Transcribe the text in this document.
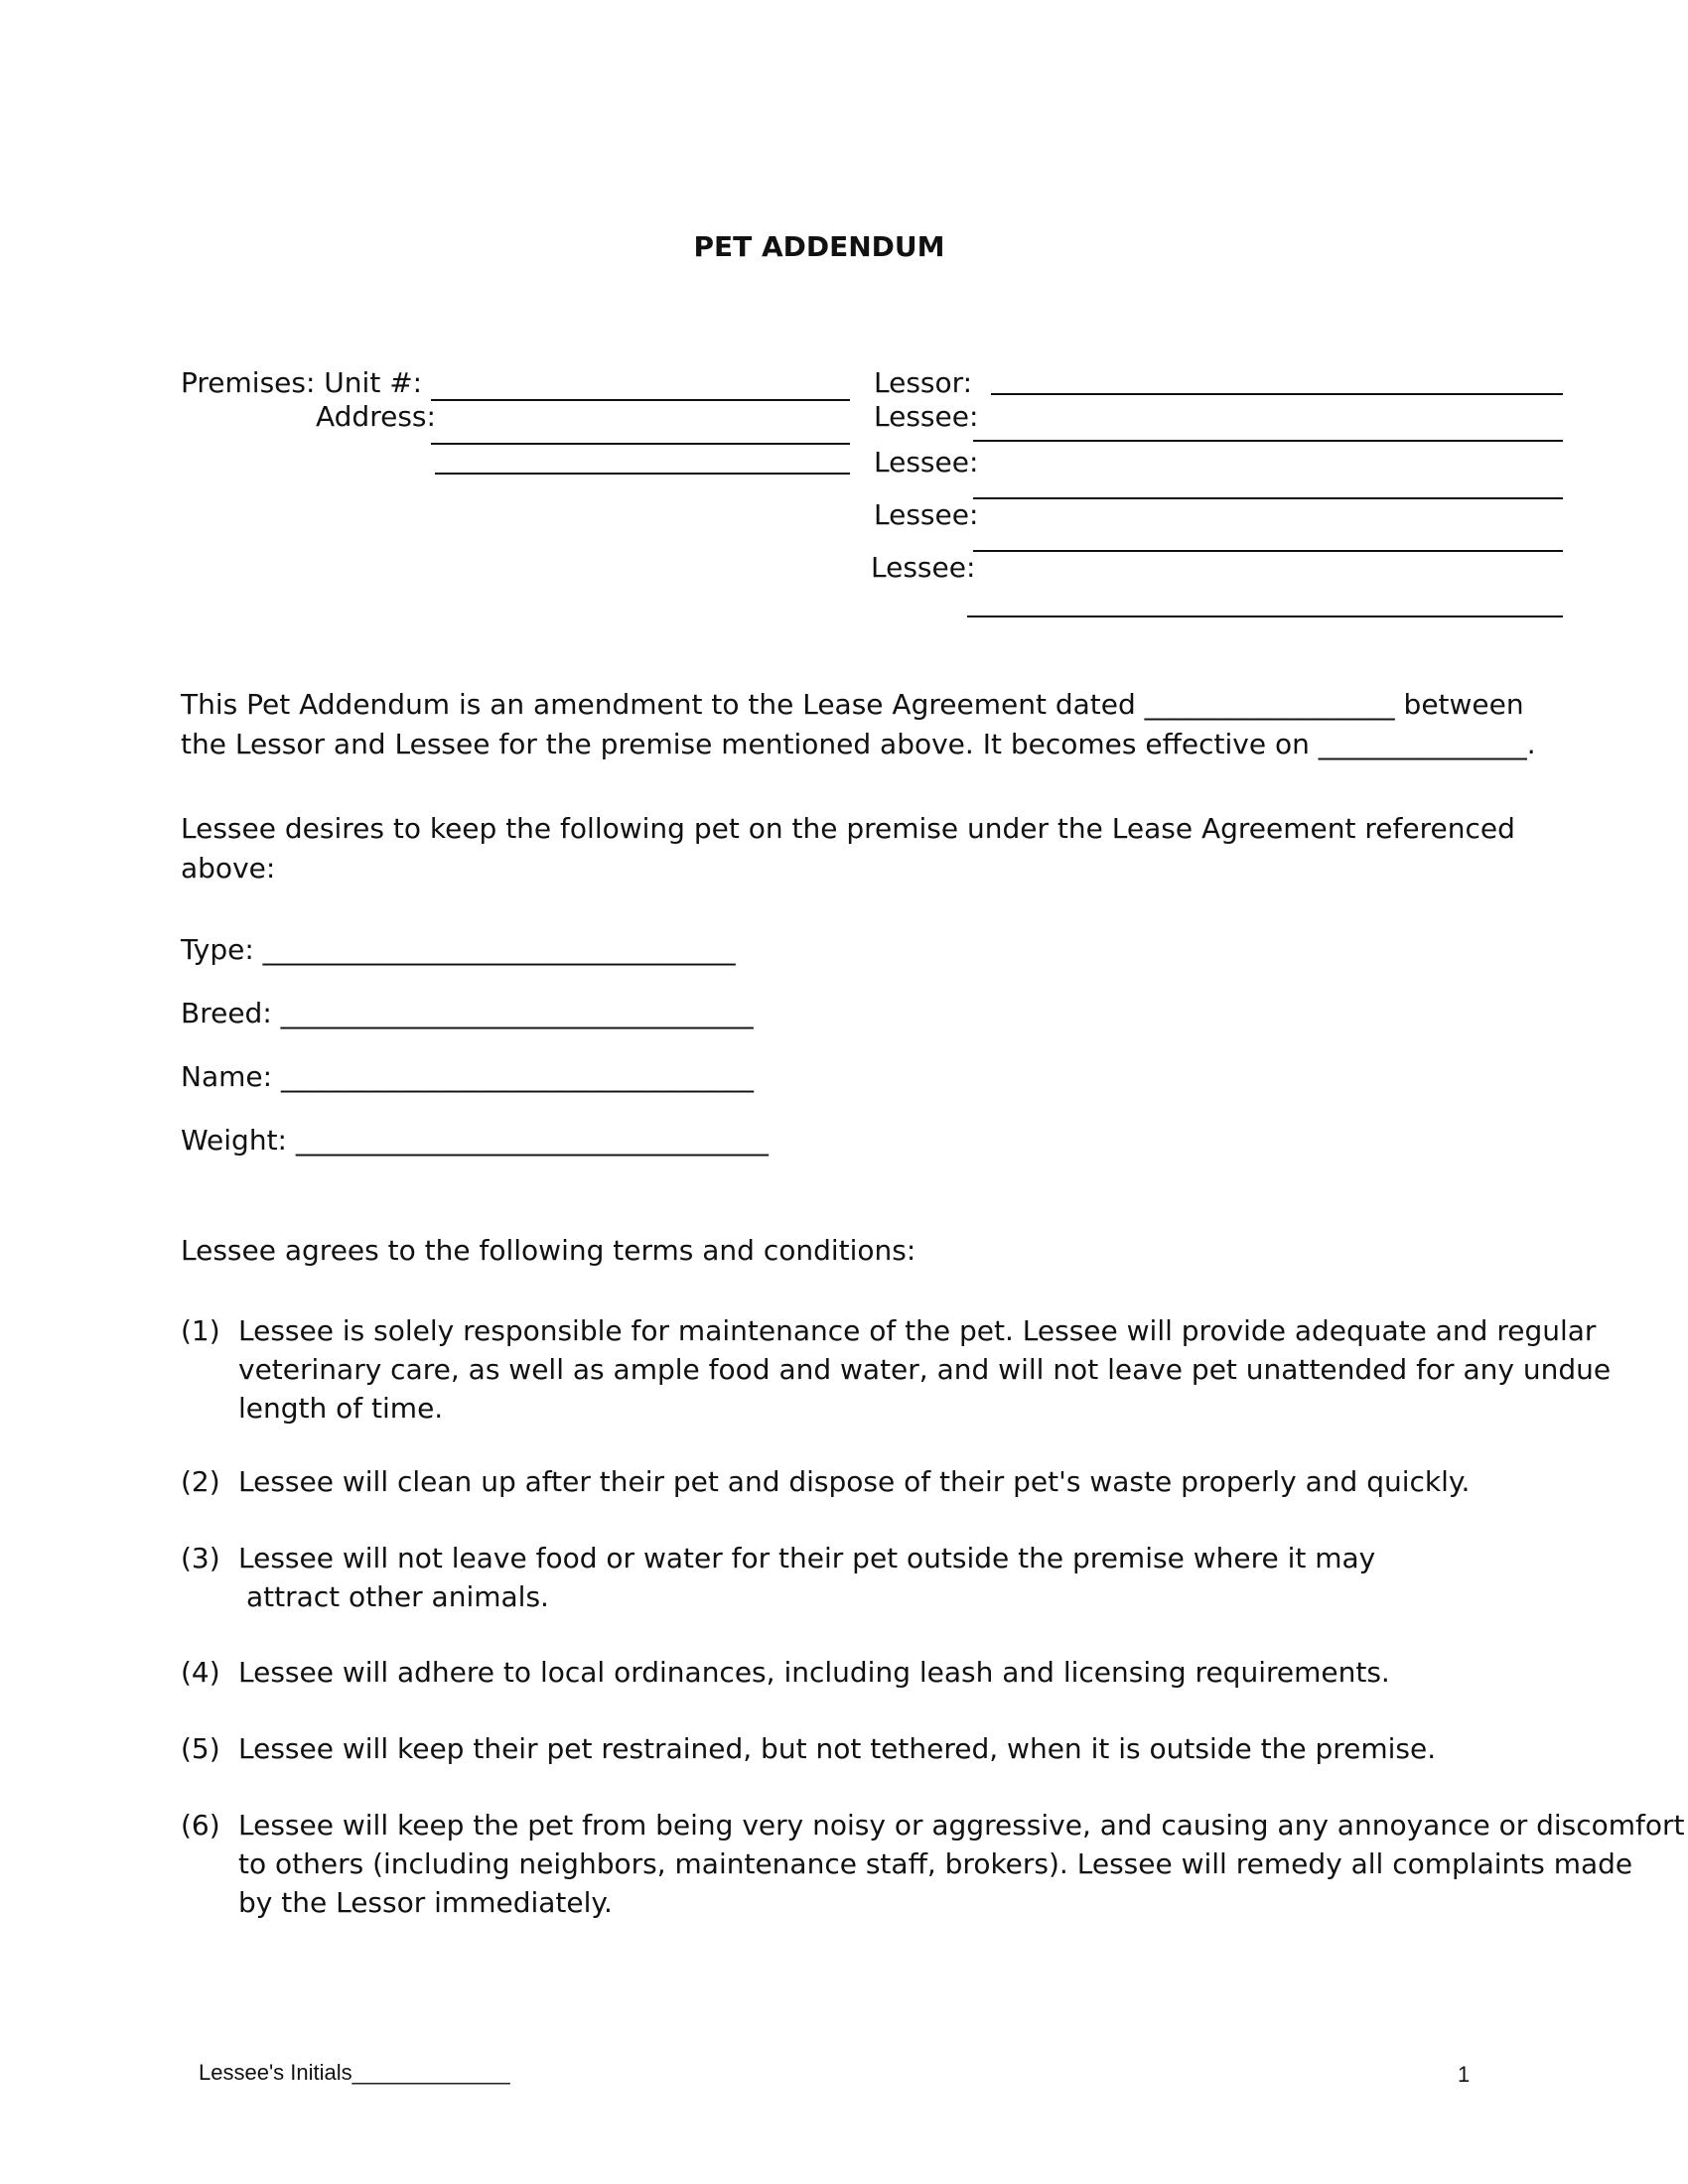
PET ADDENDUM
Premises: Unit #:
Address:
Lessor:
Lessee:
Lessee:
Lessee:
Lessee:
This Pet Addendum is an amendment to the Lease Agreement dated __________________ between
the Lessor and Lessee for the premise mentioned above. It becomes effective on _______________.
Lessee desires to keep the following pet on the premise under the Lease Agreement referenced
above:
Type: __________________________________
Breed: __________________________________
Name: __________________________________
Weight: __________________________________
Lessee agrees to the following terms and conditions:
(1) Lessee is solely responsible for maintenance of the pet. Lessee will provide adequate and regular
veterinary care, as well as ample food and water, and will not leave pet unattended for any undue
length of time.
(2) Lessee will clean up after their pet and dispose of their pet's waste properly and quickly.
(3) Lessee will not leave food or water for their pet outside the premise where it may
attract other animals.
(4) Lessee will adhere to local ordinances, including leash and licensing requirements.
(5) Lessee will keep their pet restrained, but not tethered, when it is outside the premise.
(6) Lessee will keep the pet from being very noisy or aggressive, and causing any annoyance or discomfort
to others (including neighbors, maintenance staff, brokers). Lessee will remedy all complaints made
by the Lessor immediately.
Lessee's Initials_____________	1
